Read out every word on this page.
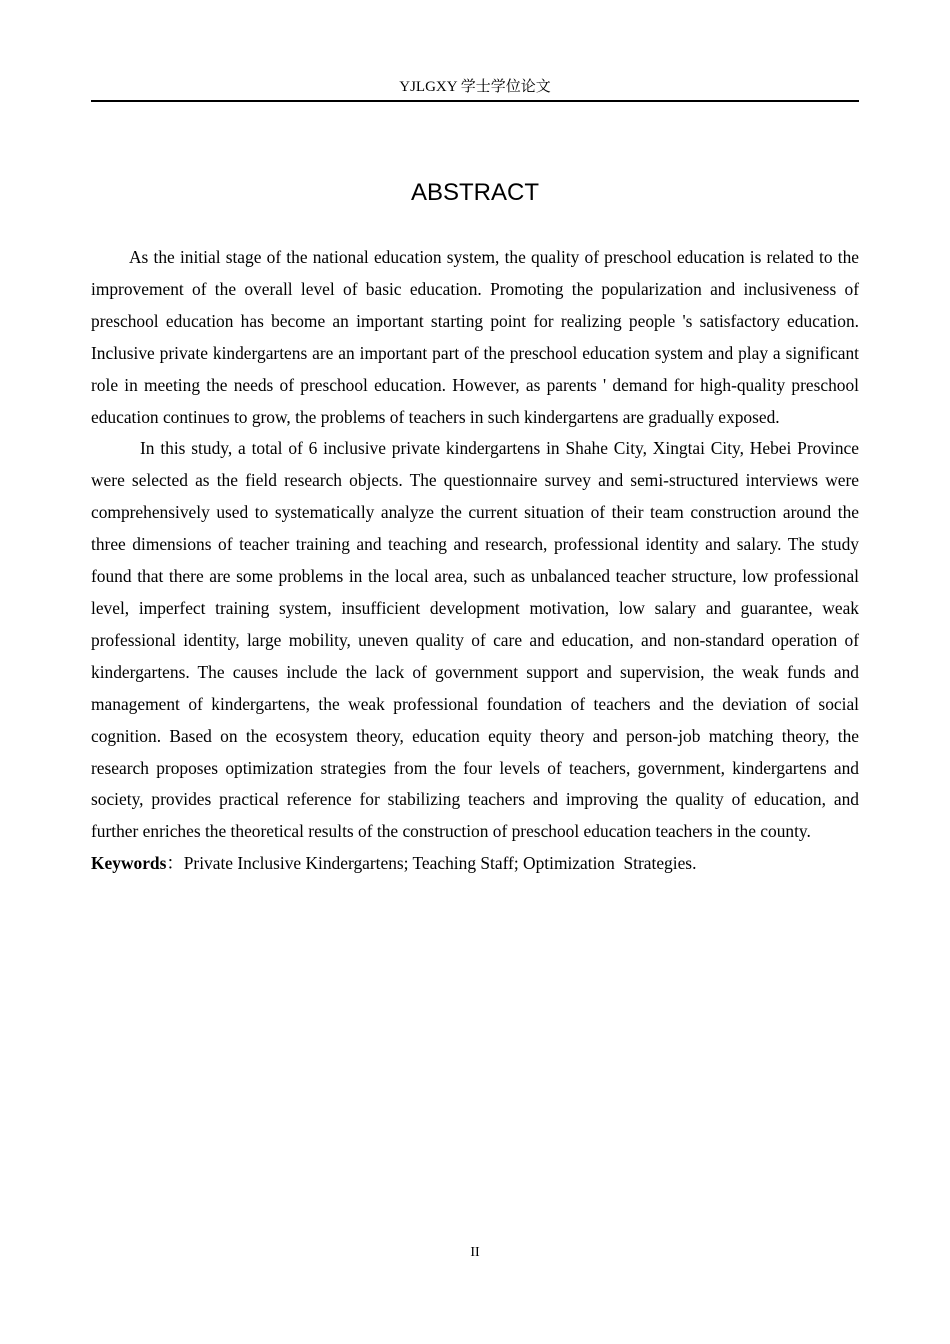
YJLGXY 学士学位论文
ABSTRACT

As the initial stage of the national education system, the quality of preschool education is related to the improvement of the overall level of basic education. Promoting the popularization and inclusiveness of preschool education has become an important starting point for realizing people 's satisfactory education. Inclusive private kindergartens are an important part of the preschool education system and play a significant role in meeting the needs of preschool education. However, as parents ' demand for high-quality preschool education continues to grow, the problems of teachers in such kindergartens are gradually exposed.

In this study, a total of 6 inclusive private kindergartens in Shahe City, Xingtai City, Hebei Province were selected as the field research objects. The questionnaire survey and semi-structured interviews were comprehensively used to systematically analyze the current situation of their team construction around the three dimensions of teacher training and teaching and research, professional identity and salary. The study found that there are some problems in the local area, such as unbalanced teacher structure, low professional level, imperfect training system, insufficient development motivation, low salary and guarantee, weak professional identity, large mobility, uneven quality of care and education, and non-standard operation of kindergartens. The causes include the lack of government support and supervision, the weak funds and management of kindergartens, the weak professional foundation of teachers and the deviation of social cognition. Based on the ecosystem theory, education equity theory and person-job matching theory, the research proposes optimization strategies from the four levels of teachers, government, kindergartens and society, provides practical reference for stabilizing teachers and improving the quality of education, and further enriches the theoretical results of the construction of preschool education teachers in the county.

Keywords：Private Inclusive Kindergartens; Teaching Staff; Optimization  Strategies.

II
